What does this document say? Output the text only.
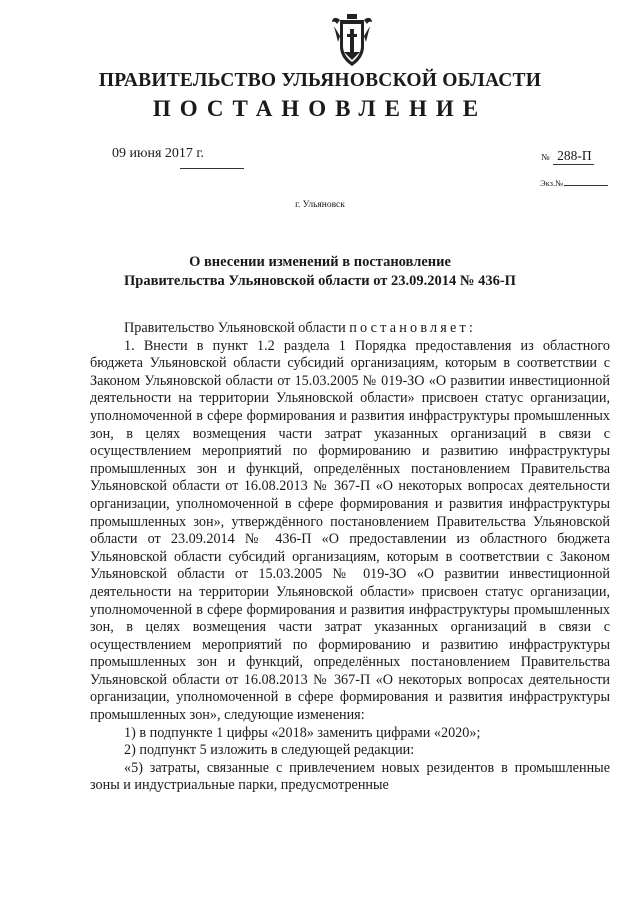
ПРАВИТЕЛЬСТВО УЛЬЯНОВСКОЙ ОБЛАСТИ
ПОСТАНОВЛЕНИЕ
09 июня 2017 г.	№ 288-П
Экз.№
г. Ульяновск
О внесении изменений в постановление
Правительства Ульяновской области от 23.09.2014 № 436-П

Правительство Ульяновской области постановляет:

1. Внести в пункт 1.2 раздела 1 Порядка предоставления из областного бюджета Ульяновской области субсидий организациям, которым в соответствии с Законом Ульяновской области от 15.03.2005 № 019-ЗО «О развитии инвестиционной деятельности на территории Ульяновской области» присвоен статус организации, уполномоченной в сфере формирования и развития инфраструктуры промышленных зон, в целях возмещения части затрат указанных организаций в связи с осуществлением мероприятий по формированию и развитию инфраструктуры промышленных зон и функций, определённых постановлением Правительства Ульяновской области от 16.08.2013 № 367-П «О некоторых вопросах деятельности организации, уполномоченной в сфере формирования и развития инфраструктуры промышленных зон», утверждённого постановлением Правительства Ульяновской области от 23.09.2014 № 436-П «О предоставлении из областного бюджета Ульяновской области субсидий организациям, которым в соответствии с Законом Ульяновской области от 15.03.2005 № 019-ЗО «О развитии инвестиционной деятельности на территории Ульяновской области» присвоен статус организации, уполномоченной в сфере формирования и развития инфраструктуры промышленных зон, в целях возмещения части затрат указанных организаций в связи с осуществлением мероприятий по формированию и развитию инфраструктуры промышленных зон и функций, определённых постановлением Правительства Ульяновской области от 16.08.2013 № 367-П «О некоторых вопросах деятельности организации, уполномоченной в сфере формирования и развития инфраструктуры промышленных зон», следующие изменения:

1) в подпункте 1 цифры «2018» заменить цифрами «2020»;

2) подпункт 5 изложить в следующей редакции:

«5) затраты, связанные с привлечением новых резидентов в промышленные зоны и индустриальные парки, предусмотренные
